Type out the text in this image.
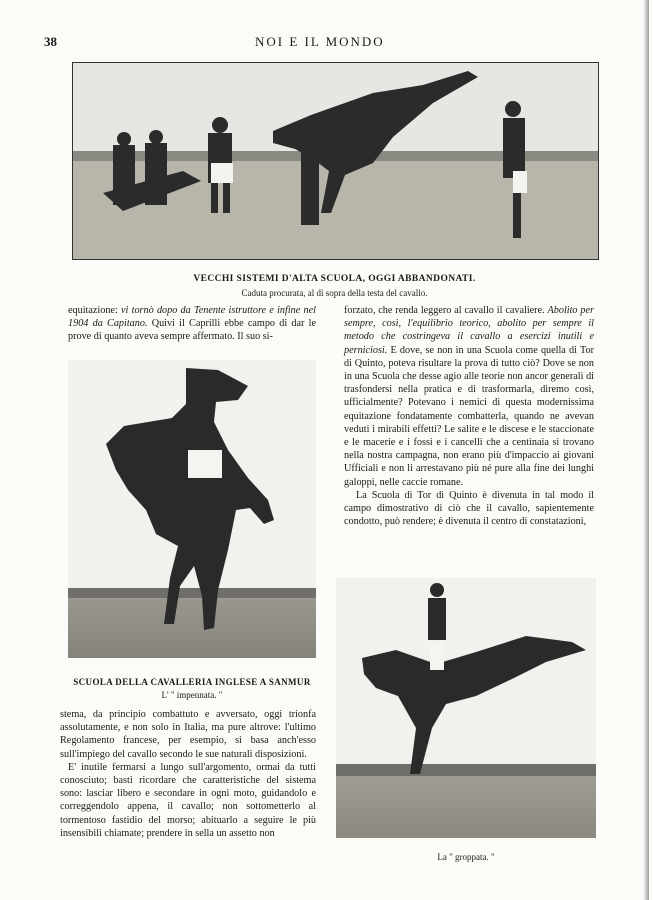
38	NOI E IL MONDO
VECCHI SISTEMI D'ALTA SCUOLA, OGGI ABBANDONATI.
Caduta procurata, al di sopra della testa del cavallo.

equitazione: vi tornò dopo da Tenente istruttore e infine nel 1904 da Capitano. Quivi il Caprilli ebbe campo di dar le prove di quanto aveva sempre affermato. Il suo si-

SCUOLA DELLA CAVALLERIA INGLESE A SANMUR
L' " impennata. "

stema, da principio combattuto e avversato, oggi trionfa assolutamente, e non solo in Italia, ma pure altrove: l'ultimo Regolamento francese, per esempio, si basa anch'esso sull'impiego del cavallo secondo le sue naturali disposizioni.

E' inutile fermarsi a lungo sull'argomento, ormai da tutti conosciuto; basti ricordare che caratteristiche del sistema sono: lasciar libero e secondare in ogni moto, guidandolo e correggendolo appena, il cavallo; non sottometterlo al tormentoso fastidio del morso; abituarlo a seguire le più insensibili chiamate; prendere in sella un assetto non

forzato, che renda leggero al cavallo il cavaliere. Abolito per sempre, così, l'equilibrio teorico, abolito per sempre il metodo che costringeva il cavallo a esercizi inutili e perniciosi. E dove, se non in una Scuola come quella di Tor di Quinto, poteva risultare la prova di tutto ciò? Dove se non in una Scuola che desse agio alle teorie non ancor generali di trasfondersi nella pratica e di trasformarla, diremo così, ufficialmente? Potevano i nemici di questa modernissima equitazione fondatamente combatterla, quando ne avevan veduti i mirabili effetti? Le salite e le discese e le staccionate e le macerie e i fossi e i cancelli che a centinaia si trovano nella nostra campagna, non erano più d'impaccio ai giovani Ufficiali e non li arrestavano più né pure alla fine dei lunghi galoppi, nelle caccie romane.

La Scuola di Tor di Quinto è divenuta in tal modo il campo dimostrativo di ciò che il cavallo, sapientemente condotto, può rendere; è divenuta il centro di constatazioni,

La " groppata. "
